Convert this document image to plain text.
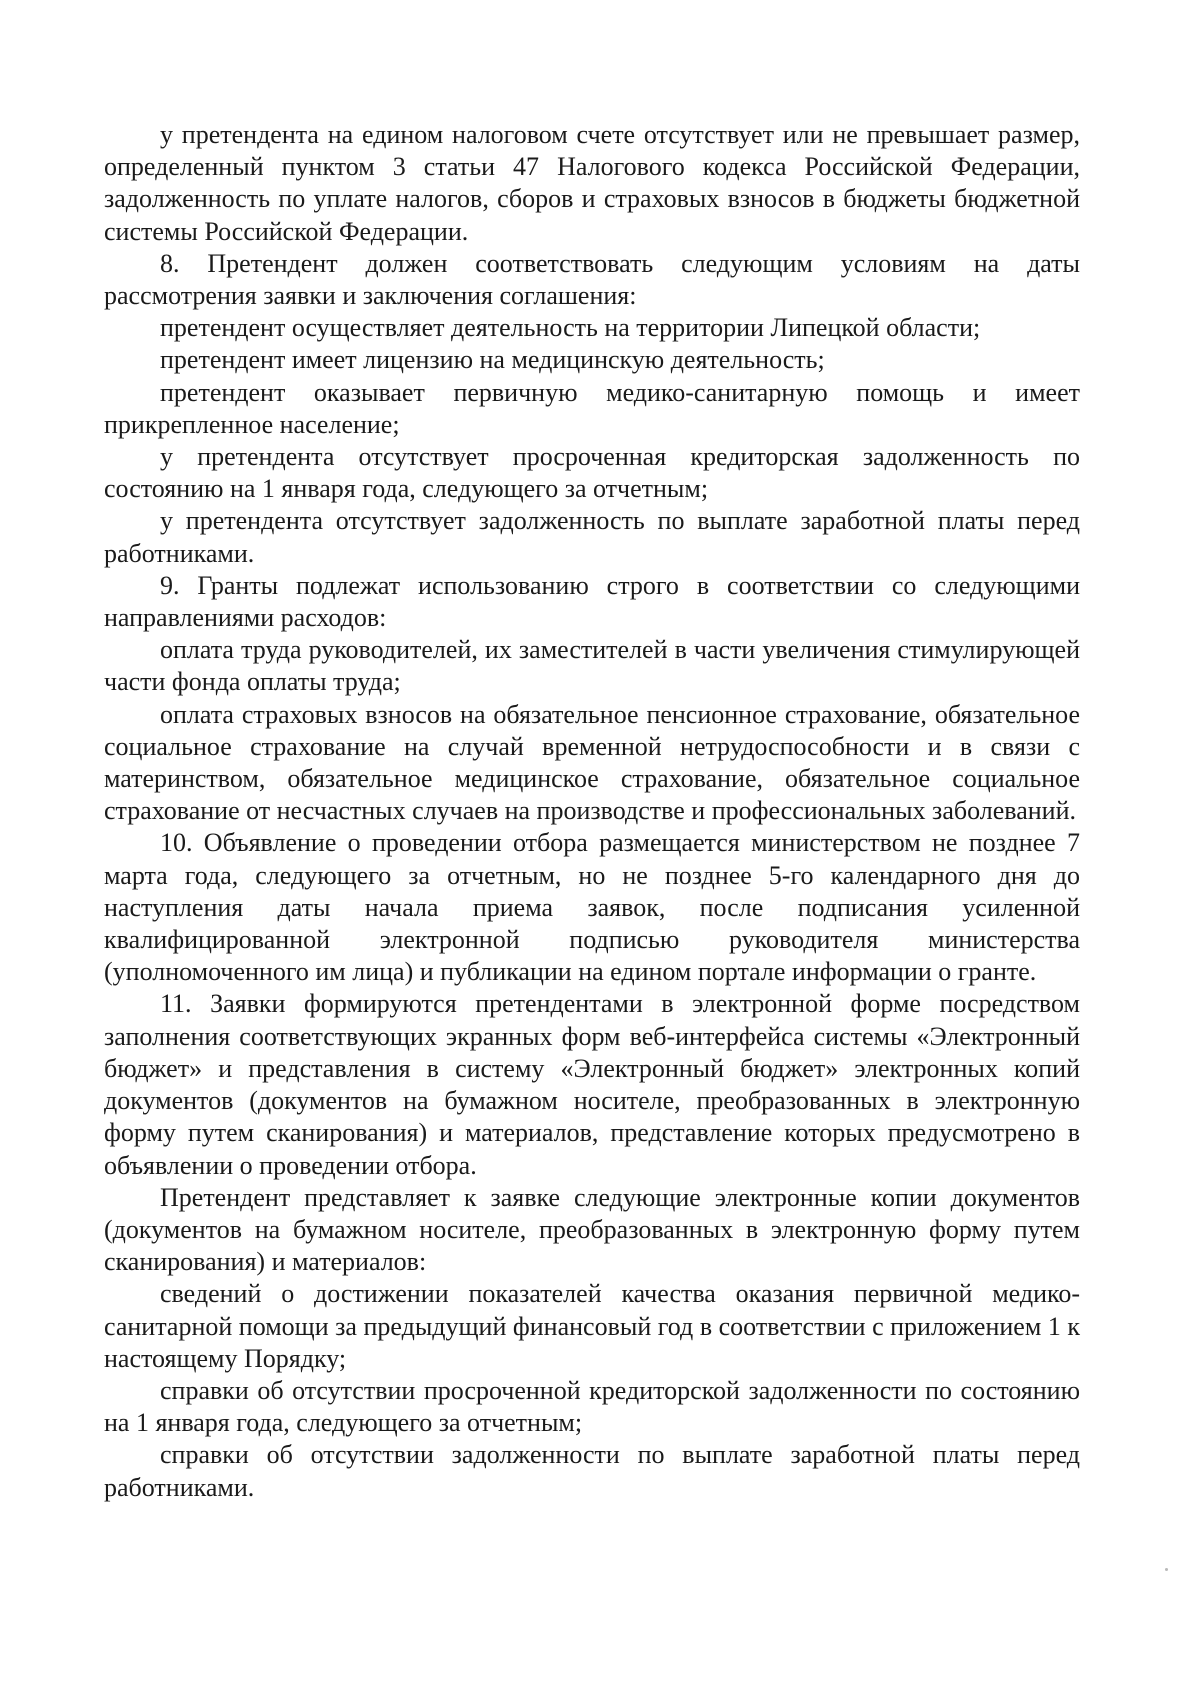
у претендента на едином налоговом счете отсутствует или не превышает размер, определенный пунктом 3 статьи 47 Налогового кодекса Российской Федерации, задолженность по уплате налогов, сборов и страховых взносов в бюджеты бюджетной системы Российской Федерации.

8. Претендент должен соответствовать следующим условиям на даты рассмотрения заявки и заключения соглашения:

претендент осуществляет деятельность на территории Липецкой области;

претендент имеет лицензию на медицинскую деятельность;

претендент оказывает первичную медико-санитарную помощь и имеет прикрепленное население;

у претендента отсутствует просроченная кредиторская задолженность по состоянию на 1 января года, следующего за отчетным;

у претендента отсутствует задолженность по выплате заработной платы перед работниками.

9. Гранты подлежат использованию строго в соответствии со следующими направлениями расходов:

оплата труда руководителей, их заместителей в части увеличения стимулирующей части фонда оплаты труда;

оплата страховых взносов на обязательное пенсионное страхование, обязательное социальное страхование на случай временной нетрудоспособности и в связи с материнством, обязательное медицинское страхование, обязательное социальное страхование от несчастных случаев на производстве и профессиональных заболеваний.

10. Объявление о проведении отбора размещается министерством не позднее 7 марта года, следующего за отчетным, но не позднее 5-го календарного дня до наступления даты начала приема заявок, после подписания усиленной квалифицированной электронной подписью руководителя министерства (уполномоченного им лица) и публикации на едином портале информации о гранте.

11. Заявки формируются претендентами в электронной форме посредством заполнения соответствующих экранных форм веб-интерфейса системы «Электронный бюджет» и представления в систему «Электронный бюджет» электронных копий документов (документов на бумажном носителе, преобразованных в электронную форму путем сканирования) и материалов, представление которых предусмотрено в объявлении о проведении отбора.

Претендент представляет к заявке следующие электронные копии документов (документов на бумажном носителе, преобразованных в электронную форму путем сканирования) и материалов:

сведений о достижении показателей качества оказания первичной медико-санитарной помощи за предыдущий финансовый год в соответствии с приложением 1 к настоящему Порядку;

справки об отсутствии просроченной кредиторской задолженности по состоянию на 1 января года, следующего за отчетным;

справки об отсутствии задолженности по выплате заработной платы перед работниками.
